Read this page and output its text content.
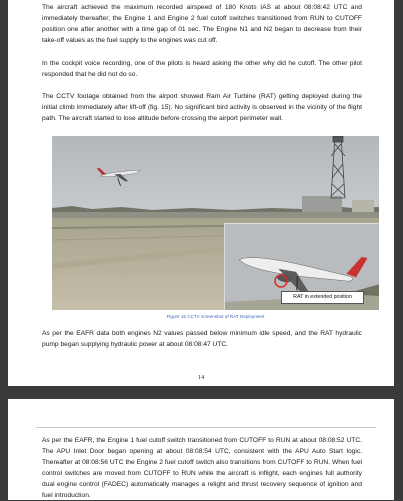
The aircraft achieved the maximum recorded airspeed of 180 Knots IAS at about 08:08:42 UTC and immediately thereafter, the Engine 1 and Engine 2 fuel cutoff switches transitioned from RUN to CUTOFF position one after another with a time gap of 01 sec. The Engine N1 and N2 began to decrease from their take-off values as the fuel supply to the engines was cut off.

In the cockpit voice recording, one of the pilots is heard asking the other why did he cutoff. The other pilot responded that he did not do so.

The CCTV footage obtained from the airport showed Ram Air Turbine (RAT) getting deployed during the initial climb immediately after lift-off (fig. 15). No significant bird activity is observed in the vicinity of the flight path. The aircraft started to lose altitude before crossing the airport perimeter wall.

RAT in extended position

Figure 15 CCTV screenshot of RAT Deployment

As per the EAFR data both engines N2 values passed below minimum idle speed, and the RAT hydraulic pump began supplying hydraulic power at about 08:08:47 UTC.

14

As per the EAFR, the Engine 1 fuel cutoff switch transitioned from CUTOFF to RUN at about 08:08:52 UTC. The APU Inlet Door began opening at about 08:08:54 UTC, consistent with the APU Auto Start logic. Thereafter at 08:08:56 UTC the Engine 2 fuel cutoff switch also transitions from CUTOFF to RUN. When fuel control switches are moved from CUTOFF to RUN while the aircraft is inflight, each engines full authority dual engine control (FADEC) automatically manages a relight and thrust recovery sequence of ignition and fuel introduction.
